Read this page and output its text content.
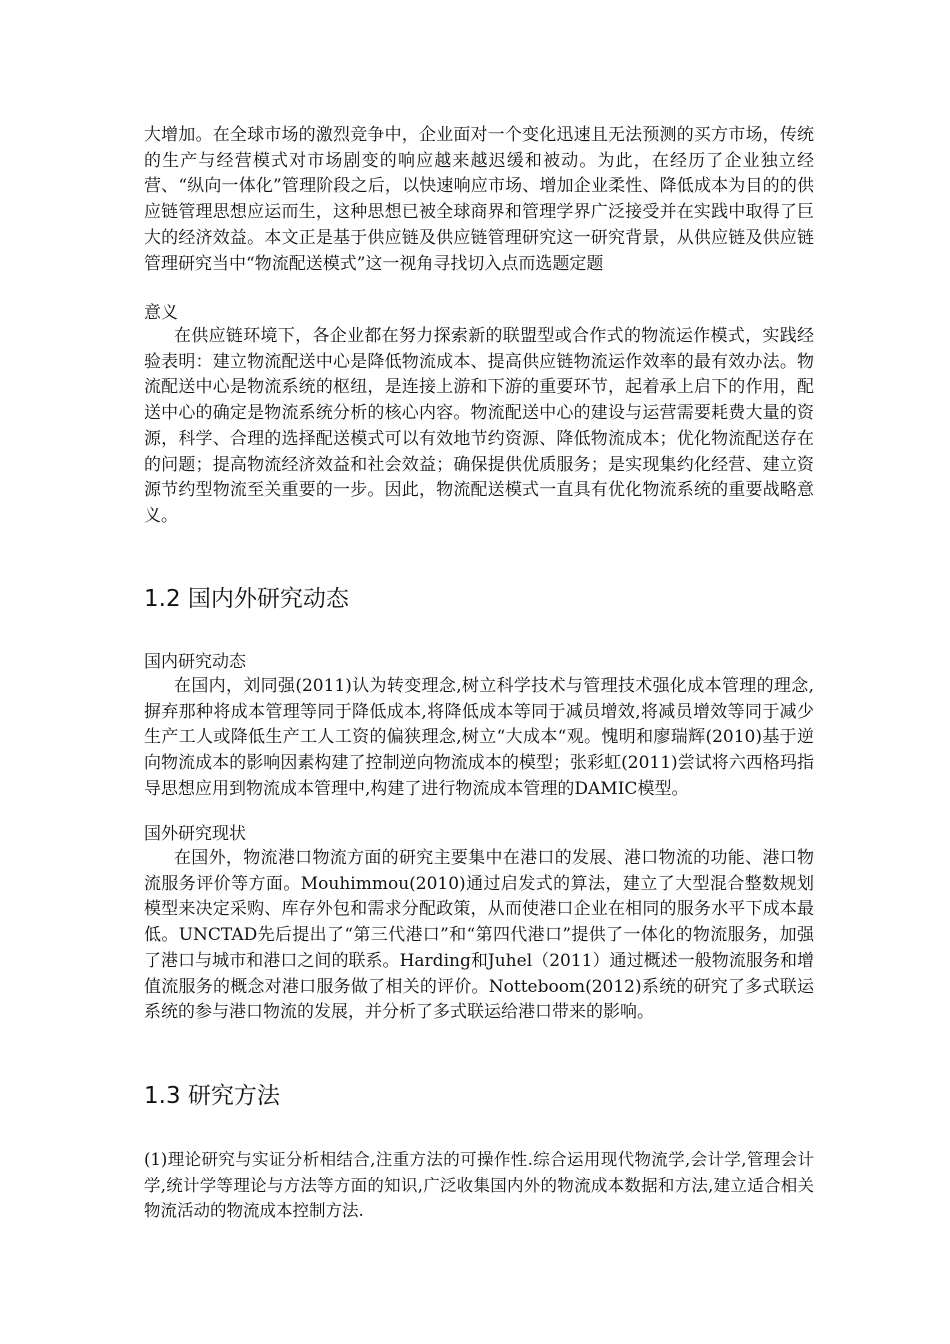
大增加。在全球市场的激烈竞争中，企业面对一个变化迅速且无法预测的买方市场，传统的生产与经营模式对市场剧变的响应越来越迟缓和被动。为此，在经历了企业独立经营、“纵向一体化”管理阶段之后，以快速响应市场、增加企业柔性、降低成本为目的的供应链管理思想应运而生，这种思想已被全球商界和管理学界广泛接受并在实践中取得了巨大的经济效益。本文正是基于供应链及供应链管理研究这一研究背景，从供应链及供应链管理研究当中“物流配送模式”这一视角寻找切入点而选题定题
意义
在供应链环境下，各企业都在努力探索新的联盟型或合作式的物流运作模式，实践经验表明：建立物流配送中心是降低物流成本、提高供应链物流运作效率的最有效办法。物流配送中心是物流系统的枢纽，是连接上游和下游的重要环节，起着承上启下的作用，配送中心的确定是物流系统分析的核心内容。物流配送中心的建设与运营需要耗费大量的资源，科学、合理的选择配送模式可以有效地节约资源、降低物流成本；优化物流配送存在的问题；提高物流经济效益和社会效益；确保提供优质服务；是实现集约化经营、建立资源节约型物流至关重要的一步。因此，物流配送模式一直具有优化物流系统的重要战略意义。
1.2 国内外研究动态
国内研究动态
在国内，刘同强(2011)认为转变理念,树立科学技术与管理技术强化成本管理的理念,摒弃那种将成本管理等同于降低成本,将降低成本等同于减员增效,将减员增效等同于减少生产工人或降低生产工人工资的偏狭理念,树立“大成本“观。愧明和廖瑞辉(2010)基于逆向物流成本的影响因素构建了控制逆向物流成本的模型；张彩虹(2011)尝试将六西格玛指导思想应用到物流成本管理中,构建了进行物流成本管理的DAMIC模型。
国外研究现状
在国外，物流港口物流方面的研究主要集中在港口的发展、港口物流的功能、港口物流服务评价等方面。Mouhimmou(2010)通过启发式的算法，建立了大型混合整数规划模型来决定采购、库存外包和需求分配政策，从而使港口企业在相同的服务水平下成本最低。UNCTAD先后提出了“第三代港口”和“第四代港口”提供了一体化的物流服务，加强了港口与城市和港口之间的联系。Harding和Juhel（2011）通过概述一般物流服务和增值流服务的概念对港口服务做了相关的评价。Notteboom(2012)系统的研究了多式联运系统的参与港口物流的发展，并分析了多式联运给港口带来的影响。
1.3 研究方法
(1)理论研究与实证分析相结合,注重方法的可操作性.综合运用现代物流学,会计学,管理会计学,统计学等理论与方法等方面的知识,广泛收集国内外的物流成本数据和方法,建立适合相关物流活动的物流成本控制方法.
